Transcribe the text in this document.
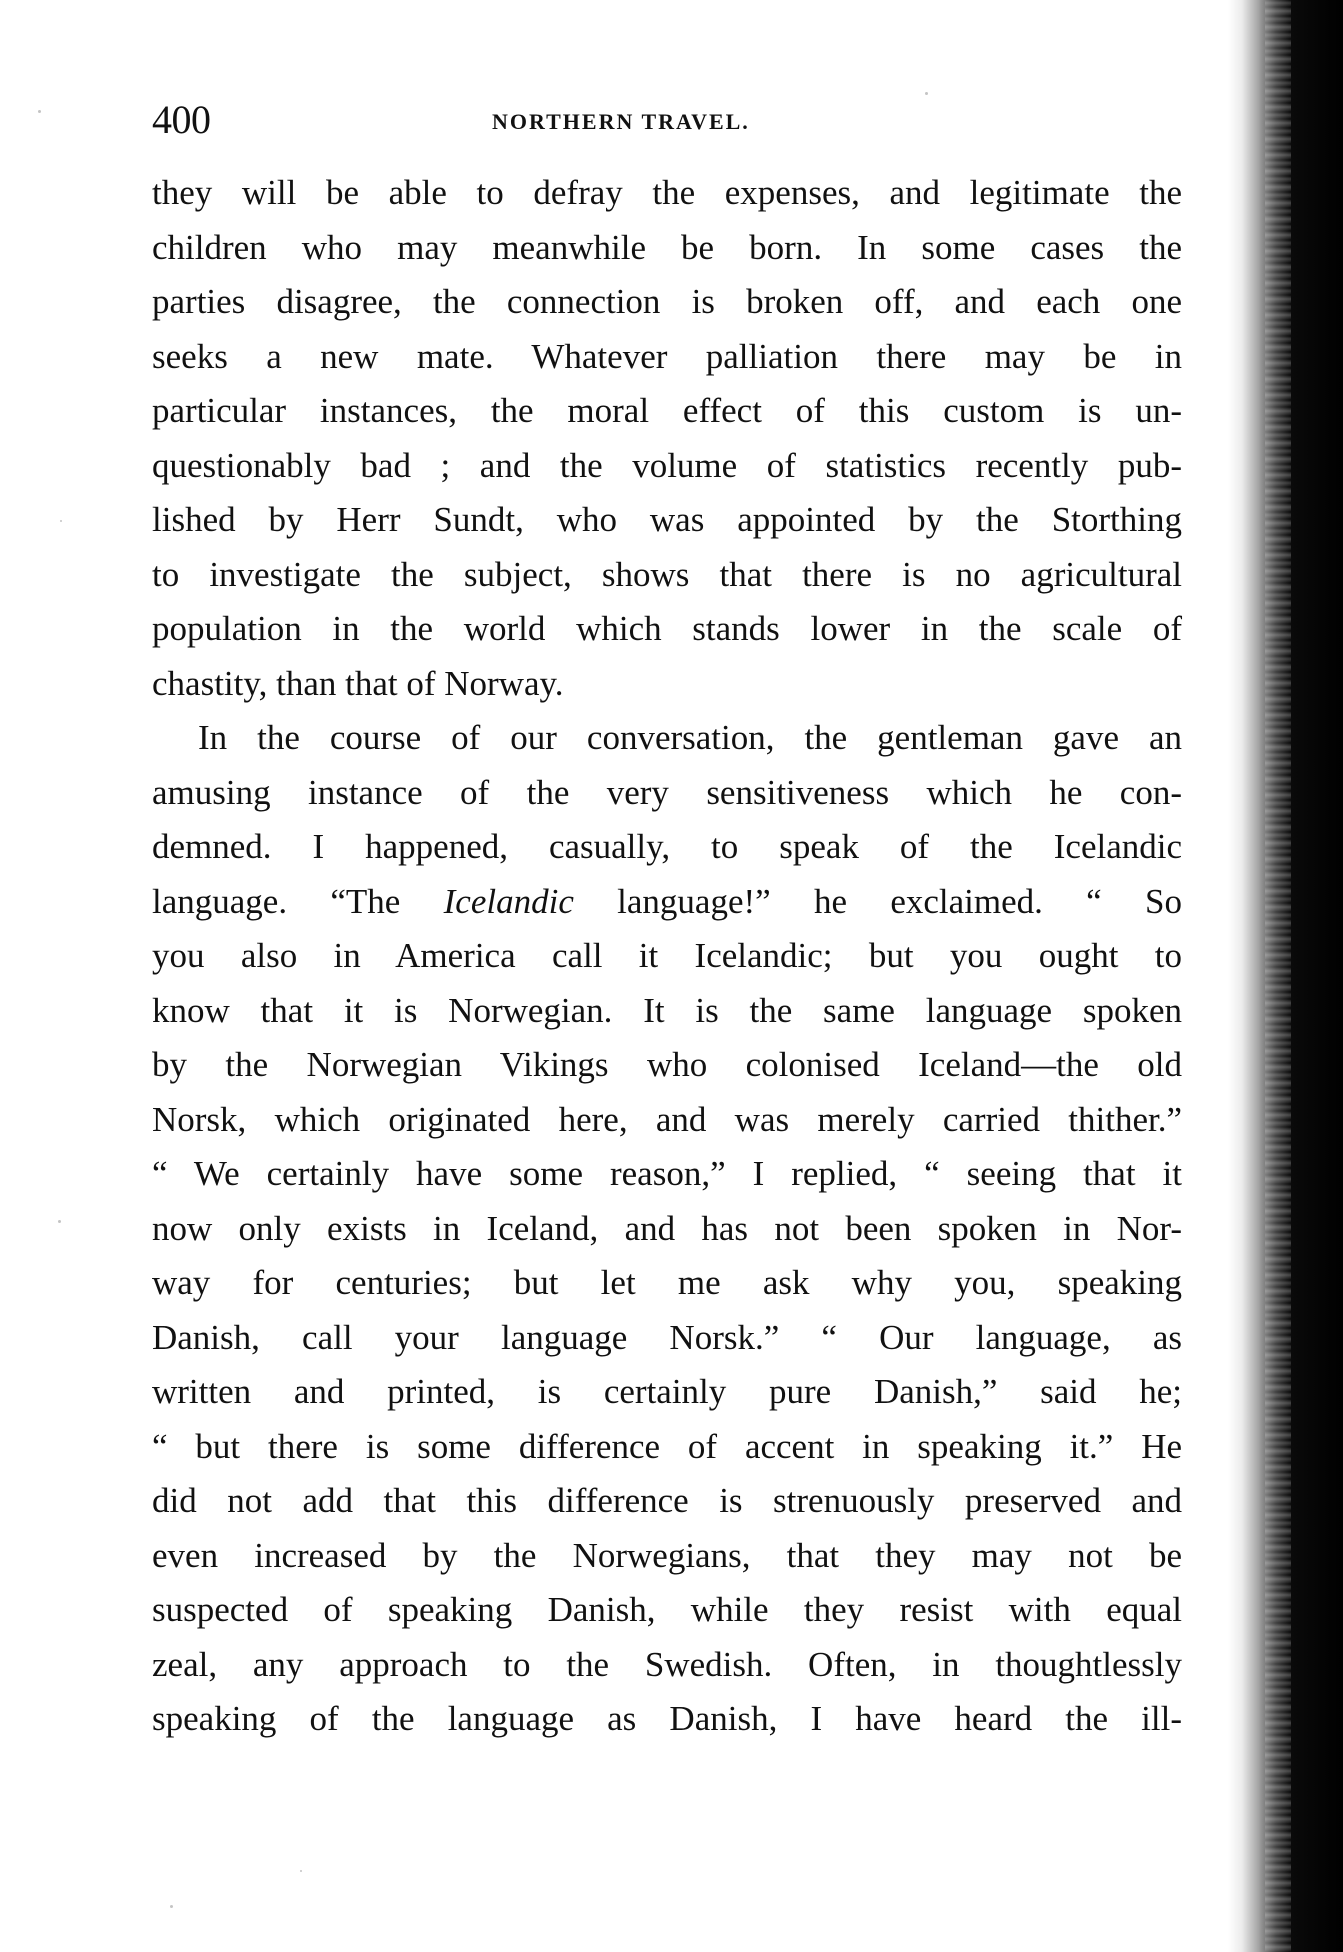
400	NORTHERN TRAVEL.
they will be able to defray the expenses, and legitimate the
children who may meanwhile be born. In some cases the
parties disagree, the connection is broken off, and each one
seeks a new mate. Whatever palliation there may be in
particular instances, the moral effect of this custom is un-
questionably bad ; and the volume of statistics recently pub-
lished by Herr Sundt, who was appointed by the Storthing
to investigate the subject, shows that there is no agricultural
population in the world which stands lower in the scale of
chastity, than that of Norway.
In the course of our conversation, the gentleman gave an
amusing instance of the very sensitiveness which he con-
demned. I happened, casually, to speak of the Icelandic
language. “The Icelandic language!” he exclaimed. “ So
you also in America call it Icelandic; but you ought to
know that it is Norwegian. It is the same language spoken
by the Norwegian Vikings who colonised Iceland—the old
Norsk, which originated here, and was merely carried thither.”
“ We certainly have some reason,” I replied, “ seeing that it
now only exists in Iceland, and has not been spoken in Nor-
way for centuries; but let me ask why you, speaking
Danish, call your language Norsk.” “ Our language, as
written and printed, is certainly pure Danish,” said he;
“ but there is some difference of accent in speaking it.” He
did not add that this difference is strenuously preserved and
even increased by the Norwegians, that they may not be
suspected of speaking Danish, while they resist with equal
zeal, any approach to the Swedish. Often, in thoughtlessly
speaking of the language as Danish, I have heard the ill-
